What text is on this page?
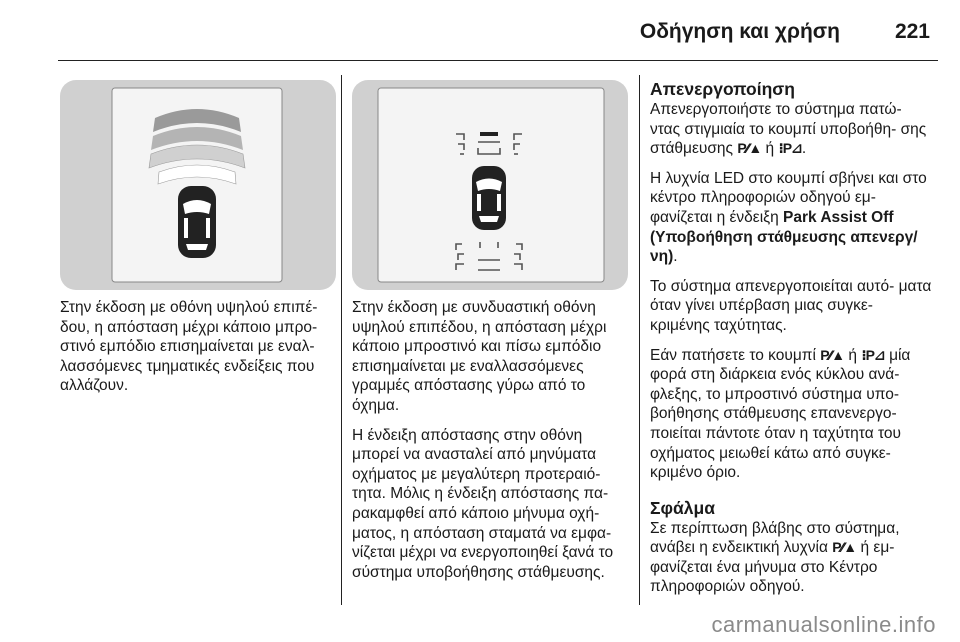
Οδήγηση και χρήση	221

Στην έκδοση με οθόνη υψηλού επιπέ- δου, η απόσταση μέχρι κάποιο μπρο- στινό εμπόδιο επισημαίνεται με εναλ- λασσόμενες τμηματικές ενδείξεις που αλλάζουν.

Στην έκδοση με συνδυαστική οθόνη υψηλού επιπέδου, η απόσταση μέχρι κάποιο μπροστινό και πίσω εμπόδιο επισημαίνεται με εναλλασσόμενες γραμμές απόστασης γύρω από το όχημα.

Η ένδειξη απόστασης στην οθόνη μπορεί να ανασταλεί από μηνύματα οχήματος με μεγαλύτερη προτεραιό- τητα. Μόλις η ένδειξη απόστασης πα- ρακαμφθεί από κάποιο μήνυμα οχή- ματος, η απόσταση σταματά να εμφα- νίζεται μέχρι να ενεργοποιηθεί ξανά το σύστημα υποβοήθησης στάθμευσης.

Απενεργοποίηση

Απενεργοποιήστε το σύστημα πατώ- ντας στιγμιαία το κουμπί υποβοήθη- σης στάθμευσης P⁄⁄▲ ή ⁝P⊿.

Η λυχνία LED στο κουμπί σβήνει και στο κέντρο πληροφοριών οδηγού εμ- φανίζεται η ένδειξη Park Assist Off (Υποβοήθηση στάθμευσης απενεργ/ νη).

Το σύστημα απενεργοποιείται αυτό- ματα όταν γίνει υπέρβαση μιας συγκε- κριμένης ταχύτητας.

Εάν πατήσετε το κουμπί P⁄⁄▲ ή ⁝P⊿ μία φορά στη διάρκεια ενός κύκλου ανά- φλεξης, το μπροστινό σύστημα υπο- βοήθησης στάθμευσης επανενεργο- ποιείται πάντοτε όταν η ταχύτητα του οχήματος μειωθεί κάτω από συγκε- κριμένο όριο.

Σφάλμα

Σε περίπτωση βλάβης στο σύστημα, ανάβει η ενδεικτική λυχνία P⁄⁄▲ ή εμ- φανίζεται ένα μήνυμα στο Κέντρο πληροφοριών οδηγού.

carmanualsonline.info
